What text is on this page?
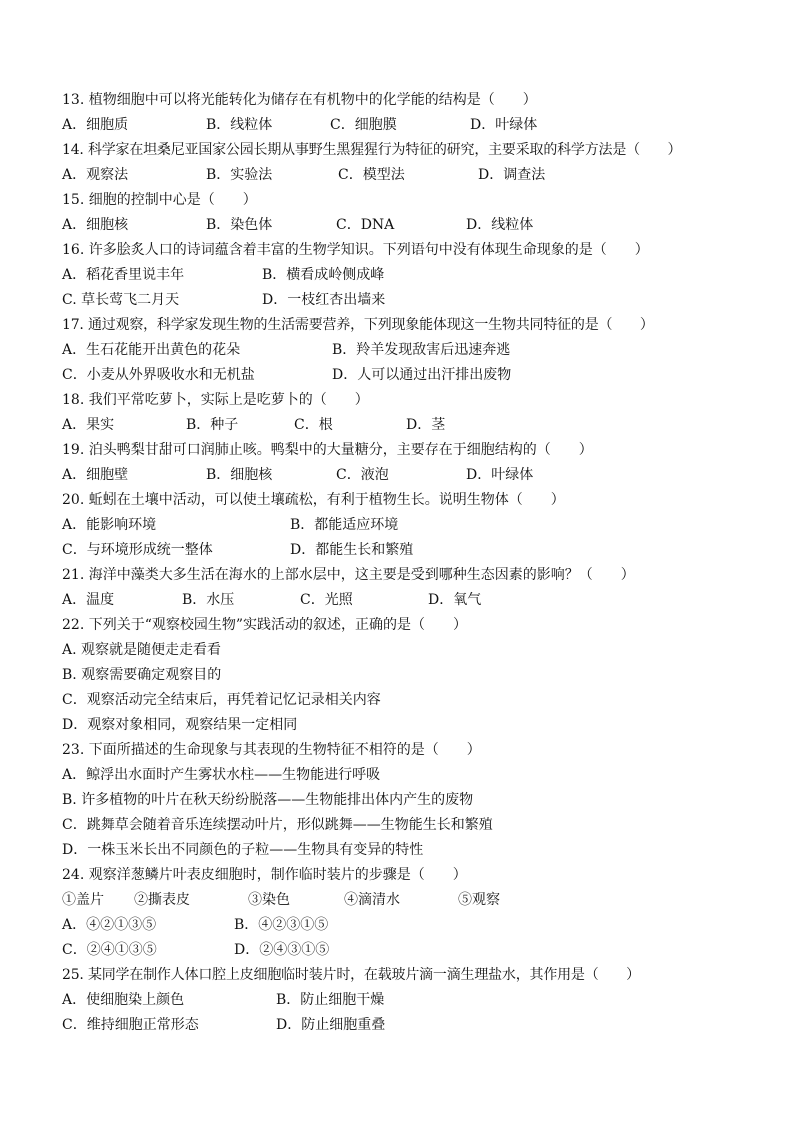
13. 植物细胞中可以将光能转化为储存在有机物中的化学能的结构是（　　）
A．细胞质	B．线粒体	C．细胞膜	D．叶绿体
14. 科学家在坦桑尼亚国家公园长期从事野生黑猩猩行为特征的研究，主要采取的科学方法是（　　）
A．观察法	B．实验法	C．模型法	D．调查法
15. 细胞的控制中心是（　　）
A．细胞核	B．染色体	C．DNA	D．线粒体
16. 许多脍炙人口的诗词蕴含着丰富的生物学知识。下列语句中没有体现生命现象的是（　　）
A．稻花香里说丰年	B．横看成岭侧成峰
C. 草长莺飞二月天	D．一枝红杏出墙来
17. 通过观察，科学家发现生物的生活需要营养，下列现象能体现这一生物共同特征的是（　　）
A．生石花能开出黄色的花朵	B．羚羊发现敌害后迅速奔逃
C．小麦从外界吸收水和无机盐	D．人可以通过出汗排出废物
18. 我们平常吃萝卜，实际上是吃萝卜的（　　）
A．果实	B．种子	C．根	D．茎
19. 泊头鸭梨甘甜可口润肺止咳。鸭梨中的大量糖分，主要存在于细胞结构的（　　）
A．细胞壁	B．细胞核	C．液泡	D．叶绿体
20. 蚯蚓在土壤中活动，可以使土壤疏松，有利于植物生长。说明生物体（　　）
A．能影响环境	B．都能适应环境
C．与环境形成统一整体	D．都能生长和繁殖
21. 海洋中藻类大多生活在海水的上部水层中，这主要是受到哪种生态因素的影响？（　　）
A．温度	B．水压	C．光照	D．氧气
22. 下列关于“观察校园生物”实践活动的叙述，正确的是（　　）
A. 观察就是随便走走看看
B. 观察需要确定观察目的
C．观察活动完全结束后，再凭着记忆记录相关内容
D．观察对象相同，观察结果一定相同
23. 下面所描述的生命现象与其表现的生物特征不相符的是（　　）
A．鲸浮出水面时产生雾状水柱——生物能进行呼吸
B. 许多植物的叶片在秋天纷纷脱落——生物能排出体内产生的废物
C．跳舞草会随着音乐连续摆动叶片，形似跳舞——生物能生长和繁殖
D．一株玉米长出不同颜色的子粒——生物具有变异的特性
24. 观察洋葱鳞片叶表皮细胞时，制作临时装片的步骤是（　　）
①盖片 ②撕表皮	③染色	④滴清水	⑤观察
A．④②①③⑤	B．④②③①⑤
C．②④①③⑤	D．②④③①⑤
25. 某同学在制作人体口腔上皮细胞临时装片时，在载玻片滴一滴生理盐水，其作用是（　　）
A．使细胞染上颜色	B．防止细胞干燥
C．维持细胞正常形态	D．防止细胞重叠
